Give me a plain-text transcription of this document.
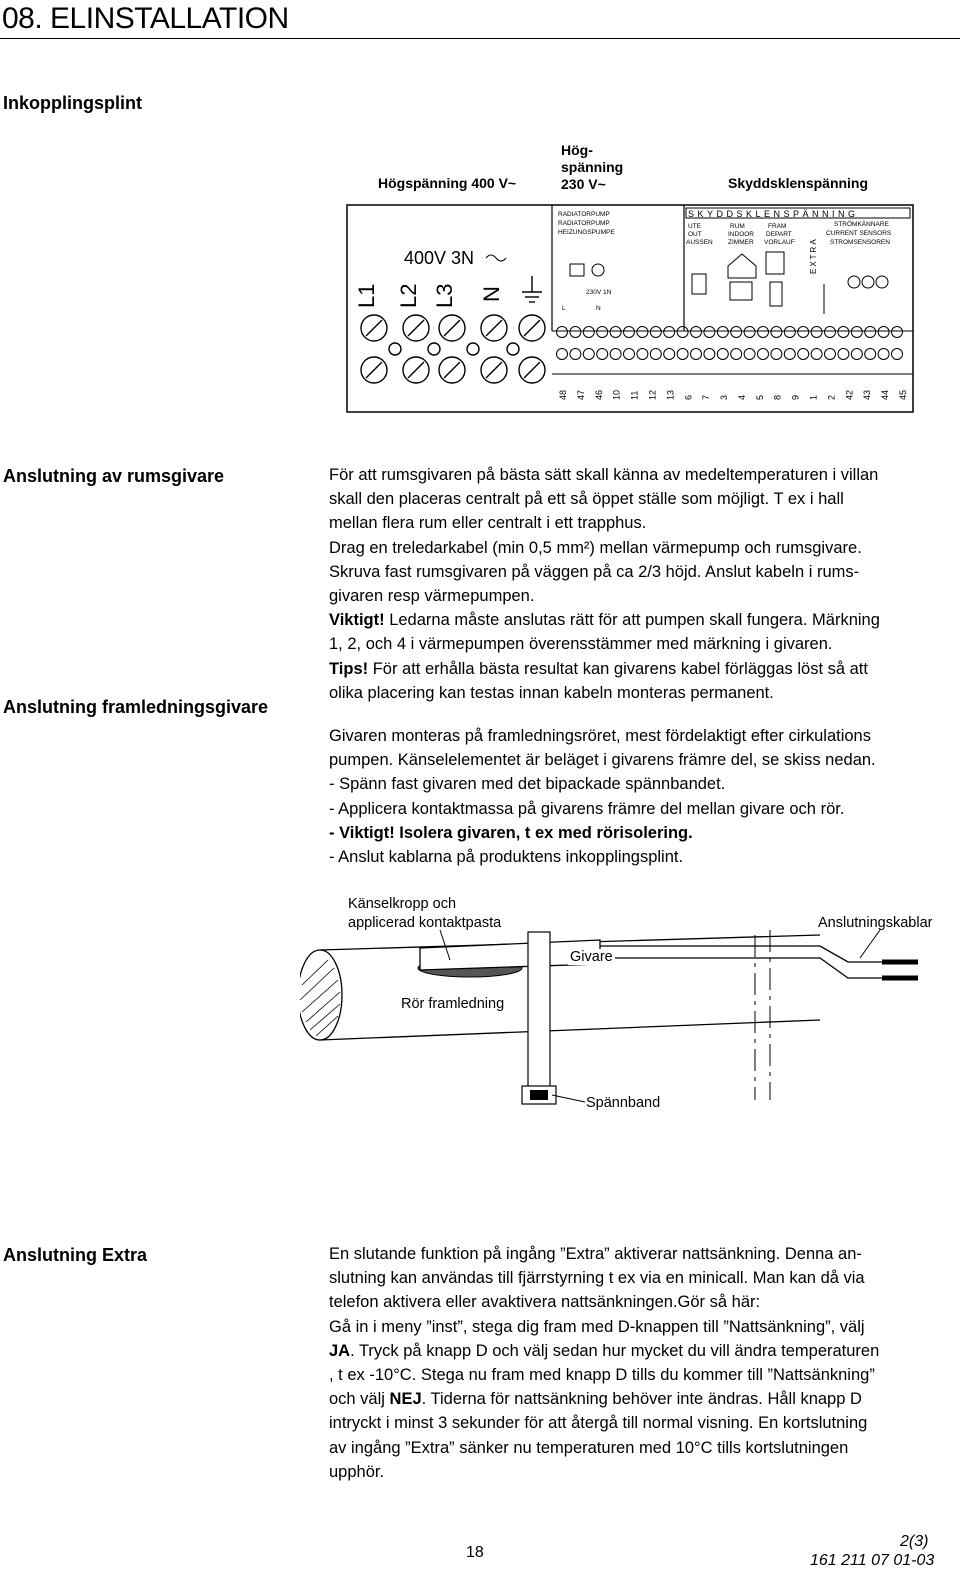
08. ELINSTALLATION
Inkopplingsplint
Högspänning 400 V~
Hög-
spänning
230 V~	Skyddsklenspänning
400V 3N
L1 L2 L3 N
RADIATORPUMP
RADIATORPUMP
HEIZUNGSPUMPE
230V 1N
L	N
SKYDDSKLENSPÄNNING
UTE
OUT
AUSSEN
RUM
INDOOR
ZIMMER
FRAM
DEPART
VORLAUF
STRÖMKÄNNARE
CURRENT SENSORS
STROMSENSOREN
EXTRA
48 47 46 10 11 12 13 6 7 3 4 5 8 9 1 2 42 43 44 45
Anslutning av rumsgivare	För att rumsgivaren på bästa sätt skall känna av medeltemperaturen i villan

skall den placeras centralt på ett så öppet ställe som möjligt. T ex i hall

mellan flera rum eller centralt i ett trapphus.

Drag en treledarkabel (min 0,5 mm²) mellan värmepump och rumsgivare.

Skruva fast rumsgivaren på väggen på ca 2/3 höjd. Anslut kabeln i rums-

givaren resp värmepumpen.

Viktigt! Ledarna måste anslutas rätt för att pumpen skall fungera. Märkning

1, 2, och 4 i värmepumpen överensstämmer med märkning i givaren.

Tips! För att erhålla bästa resultat kan givarens kabel förläggas löst så att

olika placering kan testas innan kabeln monteras permanent.

Anslutning framledningsgivare

Givaren monteras på framledningsröret, mest fördelaktigt efter cirkulations

pumpen. Känselelementet är beläget i givarens främre del, se skiss nedan.

- Spänn fast givaren med det bipackade spännbandet.

- Applicera kontaktmassa på givarens främre del mellan givare och rör.

- Viktigt! Isolera givaren, t ex med rörisolering.

- Anslut kablarna på produktens inkopplingsplint.

Känselkropp och
applicerad kontaktpasta	Anslutningskablar
Givare
Rör framledning
Spännband
Anslutning Extra	En slutande funktion på ingång ”Extra” aktiverar nattsänkning. Denna an-

slutning kan användas till fjärrstyrning t ex via en minicall. Man kan då via

telefon aktivera eller avaktivera nattsänkningen.Gör så här:

Gå in i meny ”inst”, stega dig fram med D-knappen till ”Nattsänkning”, välj

JA. Tryck på knapp D och välj sedan hur mycket du vill ändra temperaturen

, t ex -10°C. Stega nu fram med knapp D tills du kommer till ”Nattsänkning”

och välj NEJ. Tiderna för nattsänkning behöver inte ändras. Håll knapp D

intryckt i minst 3 sekunder för att återgå till normal visning. En kortslutning

av ingång ”Extra” sänker nu temperaturen med 10°C tills kortslutningen

upphör.

18
2(3)
161 211 07 01-03
